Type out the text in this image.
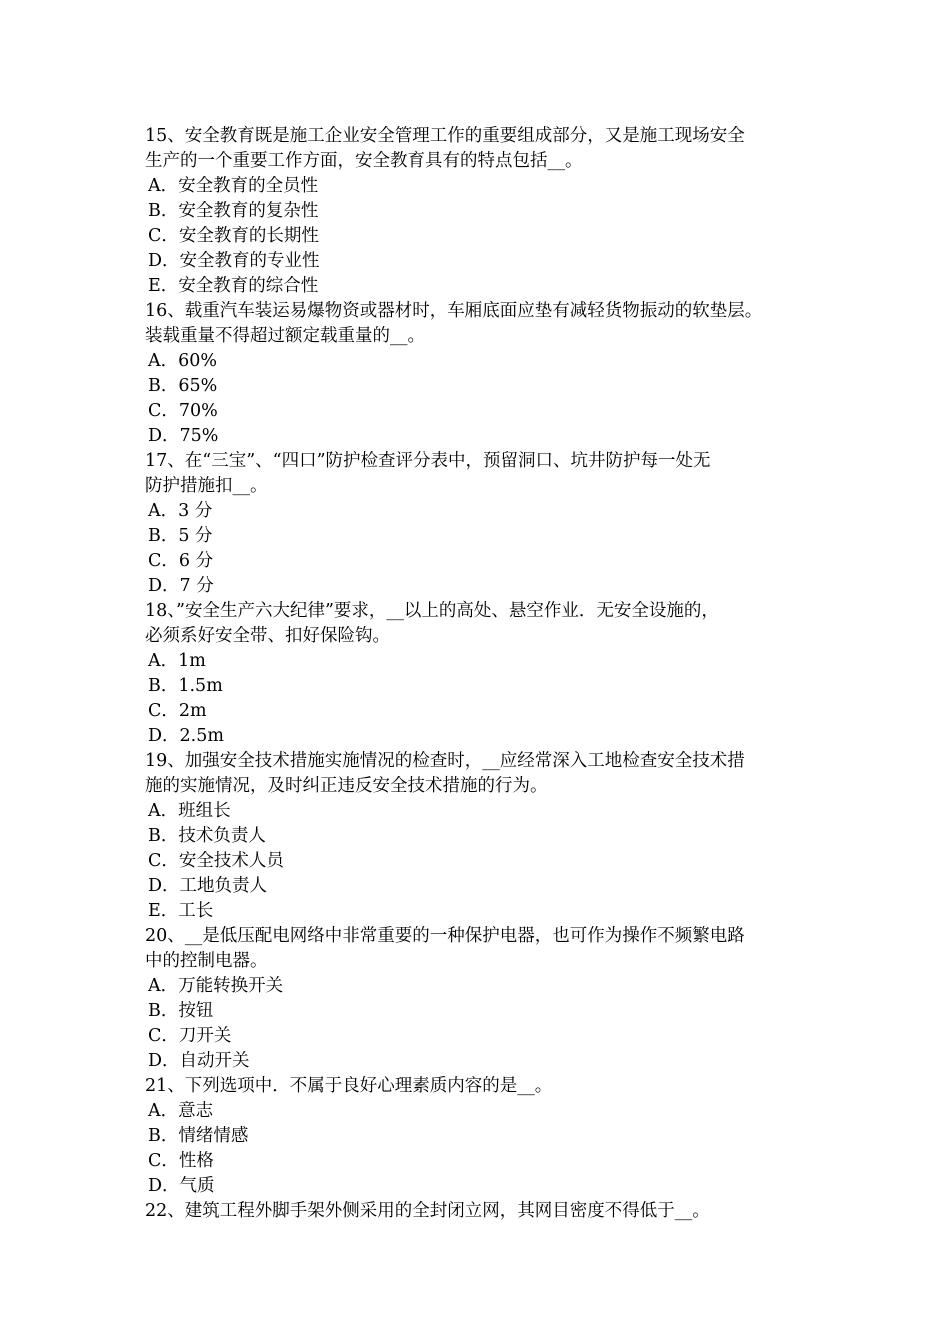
15、安全教育既是施工企业安全管理工作的重要组成部分，又是施工现场安全
生产的一个重要工作方面，安全教育具有的特点包括__。
A．安全教育的全员性
B．安全教育的复杂性
C．安全教育的长期性
D．安全教育的专业性
E．安全教育的综合性
16、载重汽车装运易爆物资或器材时，车厢底面应垫有减轻货物振动的软垫层。
装载重量不得超过额定载重量的__。
A．60%
B．65%
C．70%
D．75%
17、在“三宝”、“四口”防护检查评分表中，预留洞口、坑井防护每一处无
防护措施扣__。
A．3 分
B．5 分
C．6 分
D．7 分
18、”安全生产六大纪律”要求，__以上的高处、悬空作业．无安全设施的，
必须系好安全带、扣好保险钩。
A．1m
B．1.5m
C．2m
D．2.5m
19、加强安全技术措施实施情况的检查时，__应经常深入工地检查安全技术措
施的实施情况，及时纠正违反安全技术措施的行为。
A．班组长
B．技术负责人
C．安全技术人员
D．工地负责人
E．工长
20、__是低压配电网络中非常重要的一种保护电器，也可作为操作不频繁电路
中的控制电器。
A．万能转换开关
B．按钮
C．刀开关
D．自动开关
21、下列选项中．不属于良好心理素质内容的是__。
A．意志
B．情绪情感
C．性格
D．气质
22、建筑工程外脚手架外侧采用的全封闭立网，其网目密度不得低于__。
